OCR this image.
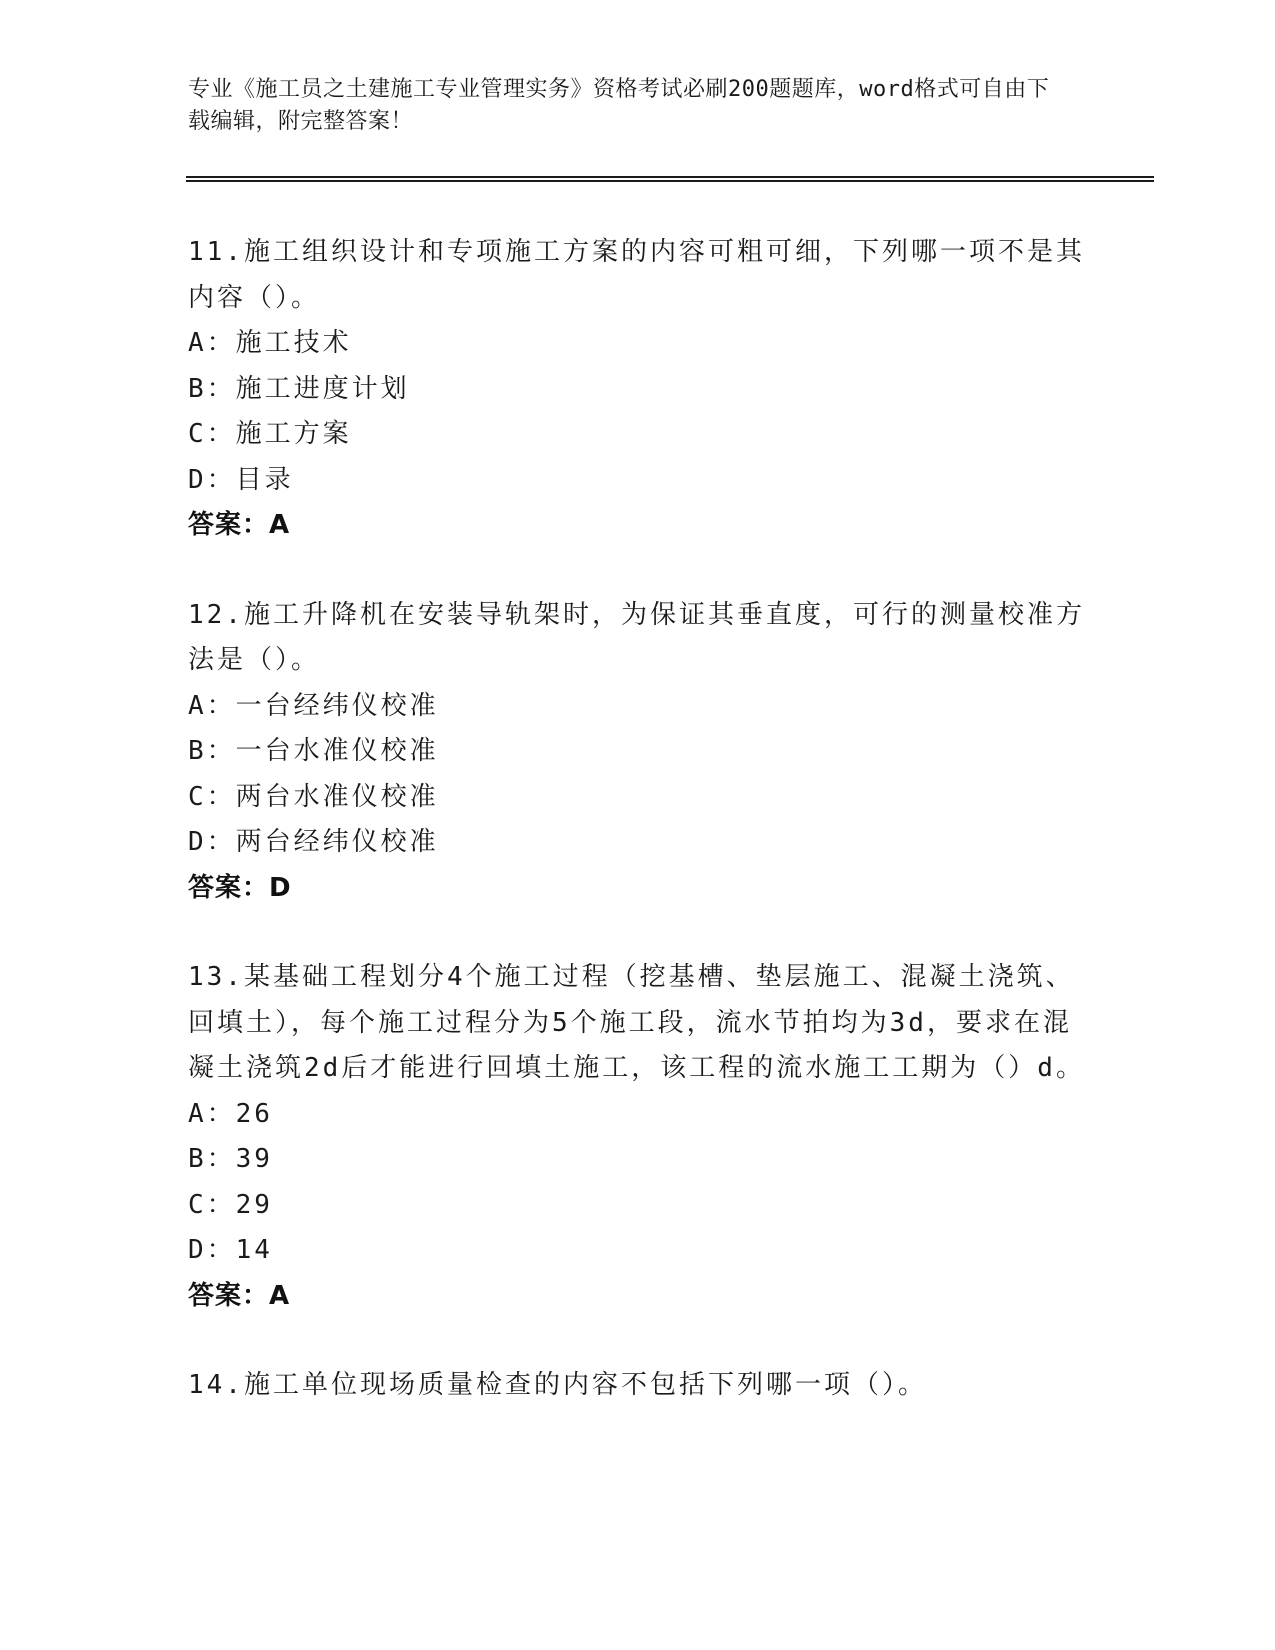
专业《施工员之土建施工专业管理实务》资格考试必刷200题题库，word格式可自由下载编辑，附完整答案！

11.施工组织设计和专项施工方案的内容可粗可细，下列哪一项不是其内容（）。

A：施工技术

B：施工进度计划

C：施工方案

D：目录

答案：A

12.施工升降机在安装导轨架时，为保证其垂直度，可行的测量校准方法是（）。

A：一台经纬仪校准

B：一台水准仪校准

C：两台水准仪校准

D：两台经纬仪校准

答案：D

13.某基础工程划分4个施工过程（挖基槽、垫层施工、混凝土浇筑、回填土），每个施工过程分为5个施工段，流水节拍均为3d，要求在混凝土浇筑2d后才能进行回填土施工，该工程的流水施工工期为（）d。

A：26

B：39

C：29

D：14

答案：A

14.施工单位现场质量检查的内容不包括下列哪一项（）。
